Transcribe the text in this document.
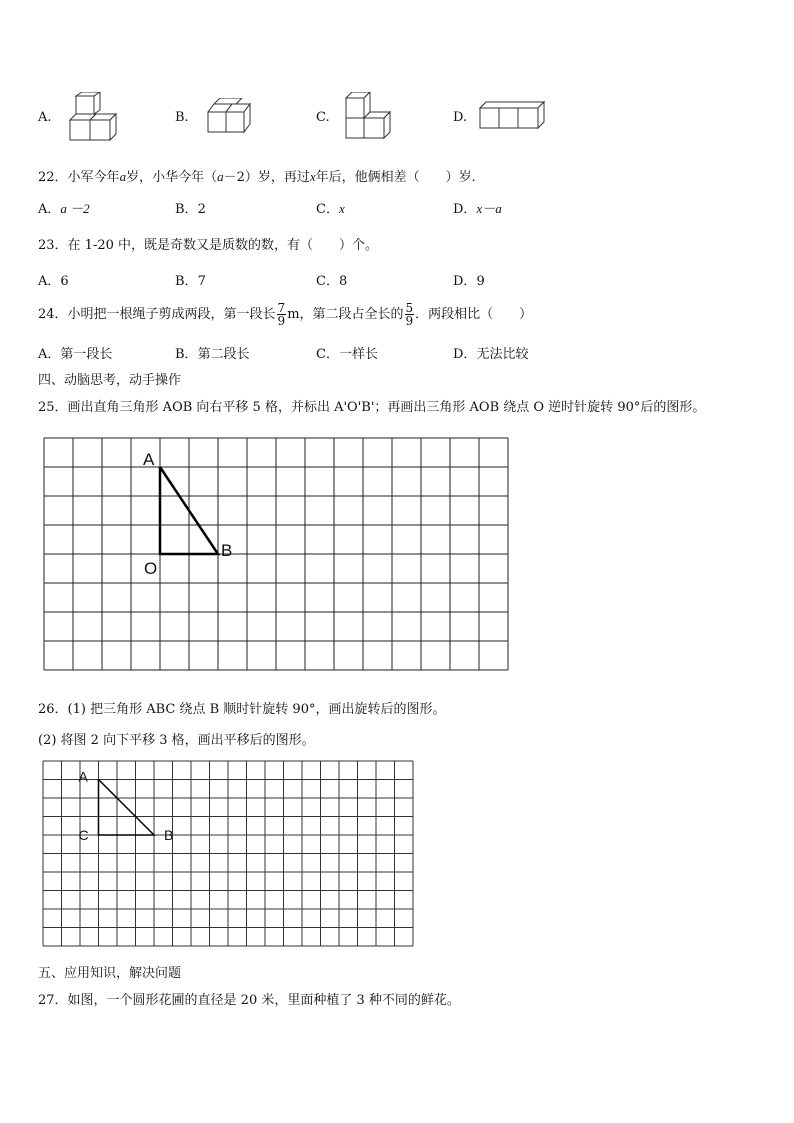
A.	B.	C.	D.
22．小军今年a岁，小华今年（a－2）岁，再过x年后，他俩相差（　　）岁．
A．a －2	B．2	C．x	D．x－a
23．在 1-20 中，既是奇数又是质数的数，有（　　）个。
A．6	B．7	C．8	D．9
24．小明把一根绳子剪成两段，第一段长 $\frac{7}{9}$ m，第二段占全长的 $\frac{5}{9}$ ．两段相比（　　）
A．第一段长	B．第二段长	C．一样长	D．无法比较
四、动脑思考，动手操作
25．画出直角三角形 AOB 向右平移 5 格，并标出 A'O'B'；再画出三角形 AOB 绕点 O 逆时针旋转 90°后的图形。
A
O
B
26．(1) 把三角形 ABC 绕点 B 顺时针旋转 90°，画出旋转后的图形。
(2) 将图 2 向下平移 3 格，画出平移后的图形。
A
C	B
五、应用知识，解决问题
27．如图，一个圆形花圃的直径是 20 米，里面种植了 3 种不同的鲜花。
